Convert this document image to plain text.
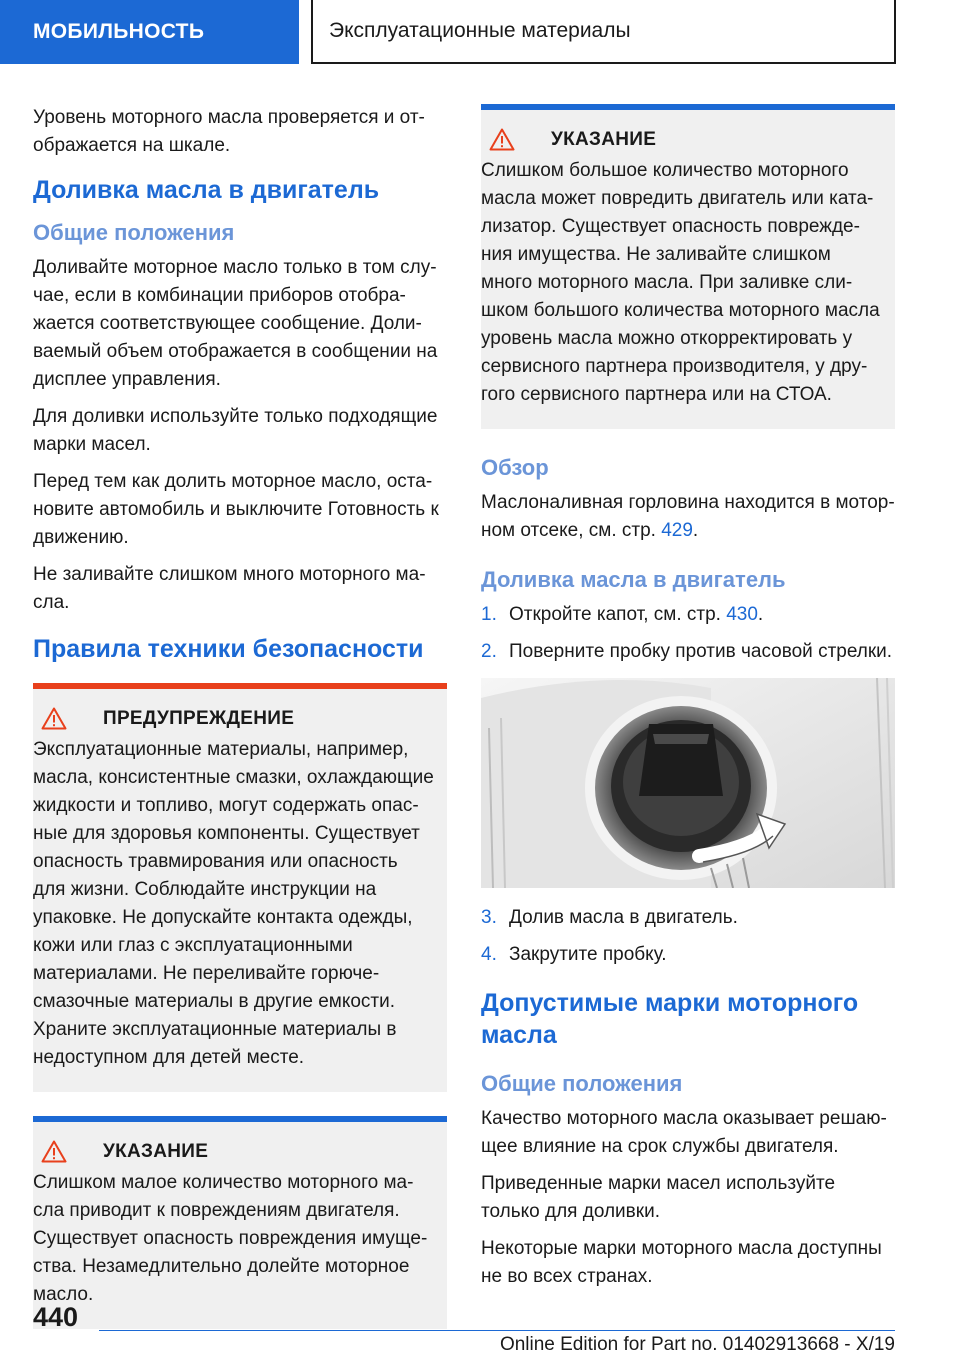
МОБИЛЬНОСТЬ	Эксплуатационные материалы

Уровень моторного масла проверяется и отображается на шкале.

Доливка масла в двигатель
Общие положения

Доливайте моторное масло только в том случае, если в комбинации приборов отображается соответствующее сообщение. Доливаемый объем отображается в сообщении на дисплее управления.

Для доливки используйте только подходящие марки масел.

Перед тем как долить моторное масло, остановите автомобиль и выключите Готовность к движению.

Не заливайте слишком много моторного масла.

Правила техники безопасности
ПРЕДУПРЕЖДЕНИЕ

Эксплуатационные материалы, например, масла, консистентные смазки, охлаждающие жидкости и топливо, могут содержать опасные для здоровья компоненты. Существует опасность травмирования или опасность для жизни. Соблюдайте инструкции на упаковке. Не допускайте контакта одежды, кожи или глаз с эксплуатационными материалами. Не переливайте горюче-смазочные материалы в другие емкости. Храните эксплуатационные материалы в недоступном для детей месте.

УКАЗАНИЕ

Слишком малое количество моторного масла приводит к повреждениям двигателя. Существует опасность повреждения имущества. Незамедлительно долейте моторное масло.

УКАЗАНИЕ

Слишком большое количество моторного масла может повредить двигатель или катализатор. Существует опасность повреждения имущества. Не заливайте слишком много моторного масла. При заливке слишком большого количества моторного масла уровень масла можно откорректировать у сервисного партнера производителя, у другого сервисного партнера или на СТОА.

Обзор

Маслоналивная горловина находится в моторном отсеке, см. стр. 429.

Доливка масла в двигатель
1. Откройте капот, см. стр. 430.
2. Поверните пробку против часовой стрелки.
3. Долив масла в двигатель.
4. Закрутите пробку.
Допустимые марки моторного масла
Общие положения

Качество моторного масла оказывает решающее влияние на срок службы двигателя.

Приведенные марки масел используйте только для доливки.

Некоторые марки моторного масла доступны не во всех странах.

440
Online Edition for Part no. 01402913668 - X/19
